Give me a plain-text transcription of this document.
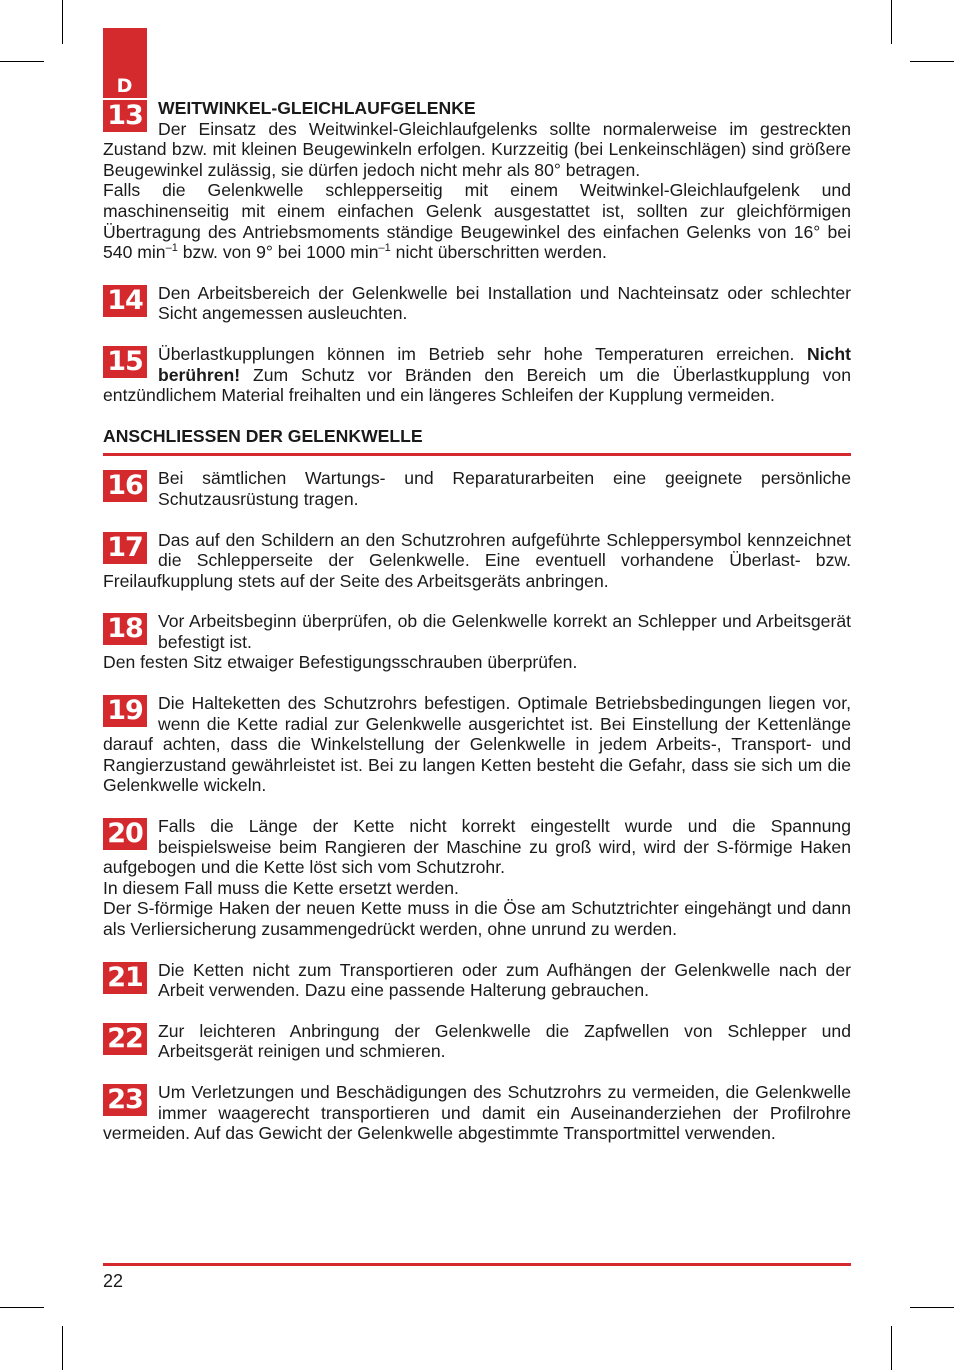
D
13 WEITWINKEL-GLEICHLAUFGELENKE
Der Einsatz des Weitwinkel-Gleichlaufgelenks sollte normalerweise im gestreckten Zustand bzw. mit kleinen Beugewinkeln erfolgen. Kurzzeitig (bei Lenkeinschlägen) sind größere Beugewinkel zulässig, sie dürfen jedoch nicht mehr als 80° betragen.
Falls die Gelenkwelle schlepperseitig mit einem Weitwinkel-Gleichlaufgelenk und maschinenseitig mit einem einfachen Gelenk ausgestattet ist, sollten zur gleichförmigen Übertragung des Antriebsmoments ständige Beugewinkel des einfachen Gelenks von 16° bei 540 $\min^{-1}$ bzw. von 9° bei 1000 $\min^{-1}$ nicht überschritten werden.
14 Den Arbeitsbereich der Gelenkwelle bei Installation und Nachteinsatz oder schlechter Sicht angemessen ausleuchten.
15 Überlastkupplungen können im Betrieb sehr hohe Temperaturen erreichen. Nicht berühren! Zum Schutz vor Bränden den Bereich um die Überlastkupplung von entzündlichem Material freihalten und ein längeres Schleifen der Kupplung vermeiden.
ANSCHLIESSEN DER GELENKWELLE
16 Bei sämtlichen Wartungs- und Reparaturarbeiten eine geeignete persönliche Schutzausrüstung tragen.
17 Das auf den Schildern an den Schutzrohren aufgeführte Schleppersymbol kennzeichnet die Schlepperseite der Gelenkwelle. Eine eventuell vorhandene Überlast- bzw. Freilaufkupplung stets auf der Seite des Arbeitsgeräts anbringen.
18 Vor Arbeitsbeginn überprüfen, ob die Gelenkwelle korrekt an Schlepper und Arbeitsgerät befestigt ist.
Den festen Sitz etwaiger Befestigungsschrauben überprüfen.
19 Die Halteketten des Schutzrohrs befestigen. Optimale Betriebsbedingungen liegen vor, wenn die Kette radial zur Gelenkwelle ausgerichtet ist. Bei Einstellung der Kettenlänge darauf achten, dass die Winkelstellung der Gelenkwelle in jedem Arbeits-, Transport- und Rangierzustand gewährleistet ist. Bei zu langen Ketten besteht die Gefahr, dass sie sich um die Gelenkwelle wickeln.
20 Falls die Länge der Kette nicht korrekt eingestellt wurde und die Spannung beispielsweise beim Rangieren der Maschine zu groß wird, wird der S-förmige Haken aufgebogen und die Kette löst sich vom Schutzrohr.
In diesem Fall muss die Kette ersetzt werden.
Der S-förmige Haken der neuen Kette muss in die Öse am Schutztrichter eingehängt und dann als Verliersicherung zusammengedrückt werden, ohne unrund zu werden.
21 Die Ketten nicht zum Transportieren oder zum Aufhängen der Gelenkwelle nach der Arbeit verwenden. Dazu eine passende Halterung gebrauchen.
22 Zur leichteren Anbringung der Gelenkwelle die Zapfwellen von Schlepper und Arbeitsgerät reinigen und schmieren.
23 Um Verletzungen und Beschädigungen des Schutzrohrs zu vermeiden, die Gelenkwelle immer waagerecht transportieren und damit ein Auseinanderziehen der Profilrohre vermeiden. Auf das Gewicht der Gelenkwelle abgestimmte Transportmittel verwenden.
22
